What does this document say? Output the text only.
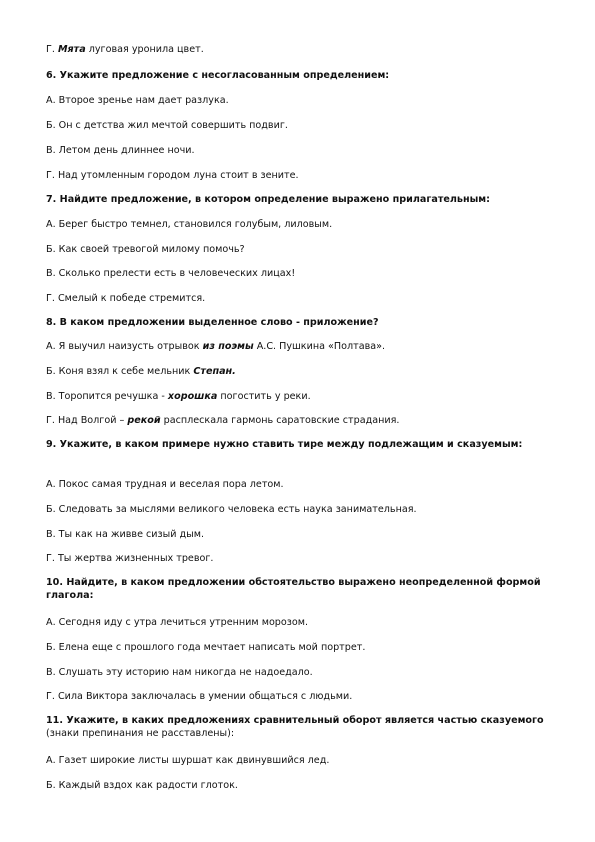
Г. Мята луговая уронила цвет.
6. Укажите предложение с несогласованным определением:
А. Второе зренье нам дает разлука.
Б. Он с детства жил мечтой совершить подвиг.
В. Летом день длиннее ночи.
Г. Над утомленным городом луна стоит в зените.
7. Найдите предложение, в котором определение выражено прилагательным:
А. Берег быстро темнел, становился голубым, лиловым.
Б. Как своей тревогой милому помочь?
В. Сколько прелести есть в человеческих лицах!
Г. Смелый к победе стремится.
8. В каком предложении выделенное слово - приложение?
А. Я выучил наизусть отрывок из поэмы А.С. Пушкина «Полтава».
Б. Коня взял к себе мельник Степан.
В. Торопится речушка - хорошка погостить у реки.
Г. Над Волгой – рекой расплескала гармонь саратовские страдания.
9. Укажите, в каком примере нужно ставить тире между подлежащим и сказуемым:
А. Покос самая трудная и веселая пора летом.
Б. Следовать за мыслями великого человека есть наука занимательная.
В. Ты как на живве сизый дым.
Г. Ты жертва жизненных тревог.
10. Найдите, в каком предложении обстоятельство выражено неопределенной формой глагола:
А. Сегодня иду с утра лечиться утренним морозом.
Б. Елена еще с прошлого года мечтает написать мой портрет.
В. Слушать эту историю нам никогда не надоедало.
Г. Сила Виктора заключалась в умении общаться с людьми.
11. Укажите, в каких предложениях сравнительный оборот является частью сказуемого (знаки препинания не расставлены):
А. Газет широкие листы шуршат как двинувшийся лед.
Б. Каждый вздох как радости глоток.
